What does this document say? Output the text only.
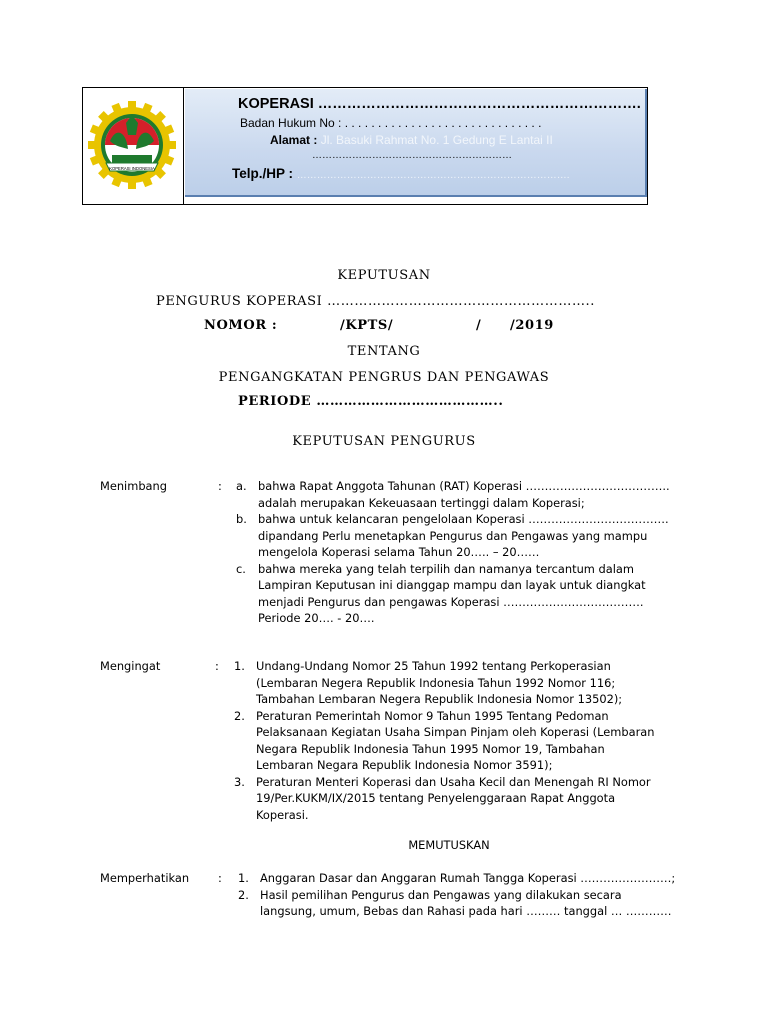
KOPERASI INDONESIA
KOPERASI ………………………………………………………….
Badan Hukum No : . . . . . . . . . . . . . . . . . . . . . . . . . . . . . .
Alamat : Jl. Basuki Rahmat No. 1 Gedung E Lantai II
……………………………………………………
Telp./HP : ……………………………………………………………………….
KEPUTUSAN
PENGURUS KOPERASI …………………………………………………..
NOMOR :	/KPTS/	/ /2019
TENTANG
PENGANGKATAN PENGRUS DAN PENGAWAS
PERIODE …………………………………..
KEPUTUSAN PENGURUS
Menimbang	: a. bahwa Rapat Anggota Tahunan (RAT) Koperasi ………………………………..
adalah merupakan Kekeuasaan tertinggi dalam Koperasi;
b. bahwa untuk kelancaran pengelolaan Koperasi ……………………………….
dipandang Perlu menetapkan Pengurus dan Pengawas yang mampu
mengelola Koperasi selama Tahun 20….. – 20……
c. bahwa mereka yang telah terpilih dan namanya tercantum dalam
Lampiran Keputusan ini dianggap mampu dan layak untuk diangkat
menjadi Pengurus dan pengawas Koperasi ……………………………….
Periode 20…. - 20….
Mengingat	: 1. Undang-Undang Nomor 25 Tahun 1992 tentang Perkoperasian
(Lembaran Negera Republik Indonesia Tahun 1992 Nomor 116;
Tambahan Lembaran Negera Republik Indonesia Nomor 13502);
2. Peraturan Pemerintah Nomor 9 Tahun 1995 Tentang Pedoman
Pelaksanaan Kegiatan Usaha Simpan Pinjam oleh Koperasi (Lembaran
Negara Republik Indonesia Tahun 1995 Nomor 19, Tambahan
Lembaran Negara Republik Indonesia Nomor 3591);
3. Peraturan Menteri Koperasi dan Usaha Kecil dan Menengah RI Nomor
19/Per.KUKM/IX/2015 tentang Penyelenggaraan Rapat Anggota
Koperasi.
MEMUTUSKAN
Memperhatikan	: 1. Anggaran Dasar dan Anggaran Rumah Tangga Koperasi ……………………;
2. Hasil pemilihan Pengurus dan Pengawas yang dilakukan secara
langsung, umum, Bebas dan Rahasi pada hari ……… tanggal … …………
